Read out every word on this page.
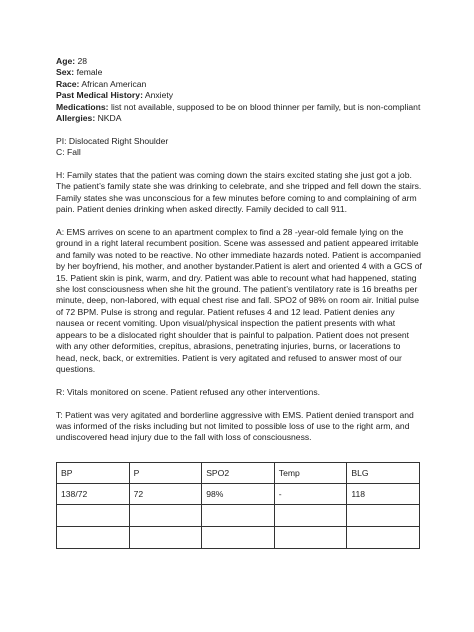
Age: 28
Sex: female
Race: African American
Past Medical History: Anxiety
Medications: list not available, supposed to be on blood thinner per family, but is non-compliant
Allergies: NKDA
PI: Dislocated Right Shoulder
C: Fall

H: Family states that the patient was coming down the stairs excited stating she just got a job. The patient’s family state she was drinking to celebrate, and she tripped and fell down the stairs. Family states she was unconscious for a few minutes before coming to and complaining of arm pain. Patient denies drinking when asked directly. Family decided to call 911.

A: EMS arrives on scene to an apartment complex to find a 28 -year-old female lying on the ground in a right lateral recumbent position. Scene was assessed and patient appeared irritable and family was noted to be reactive. No other immediate hazards noted. Patient is accompanied by her boyfriend, his mother, and another bystander.Patient is alert and oriented 4 with a GCS of 15. Patient skin is pink, warm, and dry. Patient was able to recount what had happened, stating she lost consciousness when she hit the ground. The patient’s ventilatory rate is 16 breaths per minute, deep, non-labored, with equal chest rise and fall. SPO2 of 98% on room air. Initial pulse of 72 BPM. Pulse is strong and regular. Patient refuses 4 and 12 lead. Patient denies any nausea or recent vomiting. Upon visual/physical inspection the patient presents with what appears to be a dislocated right shoulder that is painful to palpation. Patient does not present with any other deformities, crepitus, abrasions, penetrating injuries, burns, or lacerations to head, neck, back, or extremities. Patient is very agitated and refused to answer most of our questions.

R: Vitals monitored on scene. Patient refused any other interventions.

T: Patient was very agitated and borderline aggressive with EMS. Patient denied transport and was informed of the risks including but not limited to possible loss of use to the right arm, and undiscovered head injury due to the fall with loss of consciousness.

BP	P	SPO2	Temp	BLG
138/72	72	98%	-	118
